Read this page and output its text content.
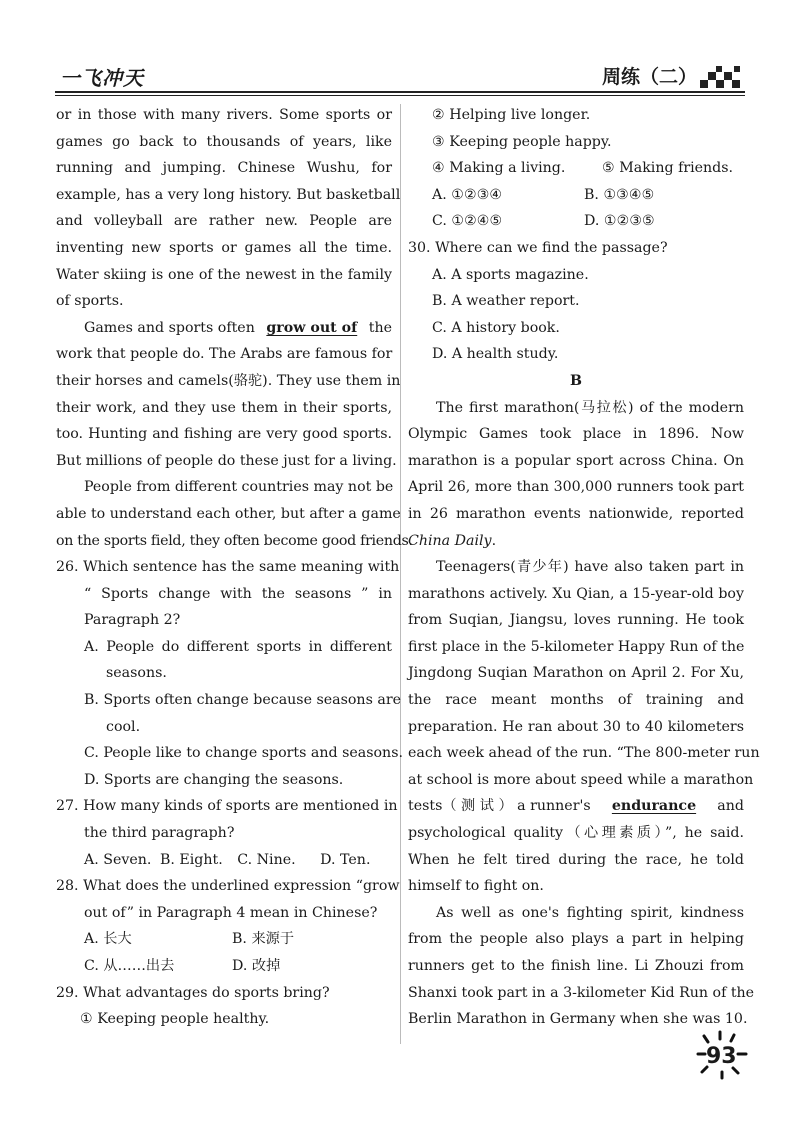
一飞冲天	周练（二）
or in those with many rivers. Some sports or
games go back to thousands of years, like
running and jumping. Chinese Wushu, for
example, has a very long history. But basketball
and volleyball are rather new. People are
inventing new sports or games all the time.
Water skiing is one of the newest in the family
of sports.
Games and sports often grow out of the
work that people do. The Arabs are famous for
their horses and camels(骆驼). They use them in
their work, and they use them in their sports,
too. Hunting and fishing are very good sports.
But millions of people do these just for a living.
People from different countries may not be
able to understand each other, but after a game
on the sports field, they often become good friends.
26. Which sentence has the same meaning with
“ Sports change with the seasons ” in
Paragraph 2?
A. People do different sports in different
seasons.
B. Sports often change because seasons are
cool.
C. People like to change sports and seasons.
D. Sports are changing the seasons.
27. How many kinds of sports are mentioned in
the third paragraph?
A. Seven. B. Eight. C. Nine. D. Ten.
28. What does the underlined expression “grow
out of” in Paragraph 4 mean in Chinese?
A. 长大	B. 来源于
C. 从……出去	D. 改掉
29. What advantages do sports bring?
① Keeping people healthy.
② Helping live longer.
③ Keeping people happy.
④ Making a living.	⑤ Making friends.
A. ①②③④	B. ①③④⑤
C. ①②④⑤	D. ①②③⑤
30. Where can we find the passage?
A. A sports magazine.
B. A weather report.
C. A history book.
D. A health study.
B
The first marathon(马拉松) of the modern
Olympic Games took place in 1896. Now
marathon is a popular sport across China. On
April 26, more than 300,000 runners took part
in 26 marathon events nationwide, reported
China Daily.
Teenagers(青少年) have also taken part in
marathons actively. Xu Qian, a 15-year-old boy
from Suqian, Jiangsu, loves running. He took
first place in the 5-kilometer Happy Run of the
Jingdong Suqian Marathon on April 2. For Xu,
the race meant months of training and
preparation. He ran about 30 to 40 kilometers
each week ahead of the run. “The 800-meter run
at school is more about speed while a marathon
tests（ 测 试 ） a runner's endurance and
psychological quality（心理素质）”, he said.
When he felt tired during the race, he told
himself to fight on.
As well as one's fighting spirit, kindness
from the people also plays a part in helping
runners get to the finish line. Li Zhouzi from
Shanxi took part in a 3-kilometer Kid Run of the
Berlin Marathon in Germany when she was 10.
93
